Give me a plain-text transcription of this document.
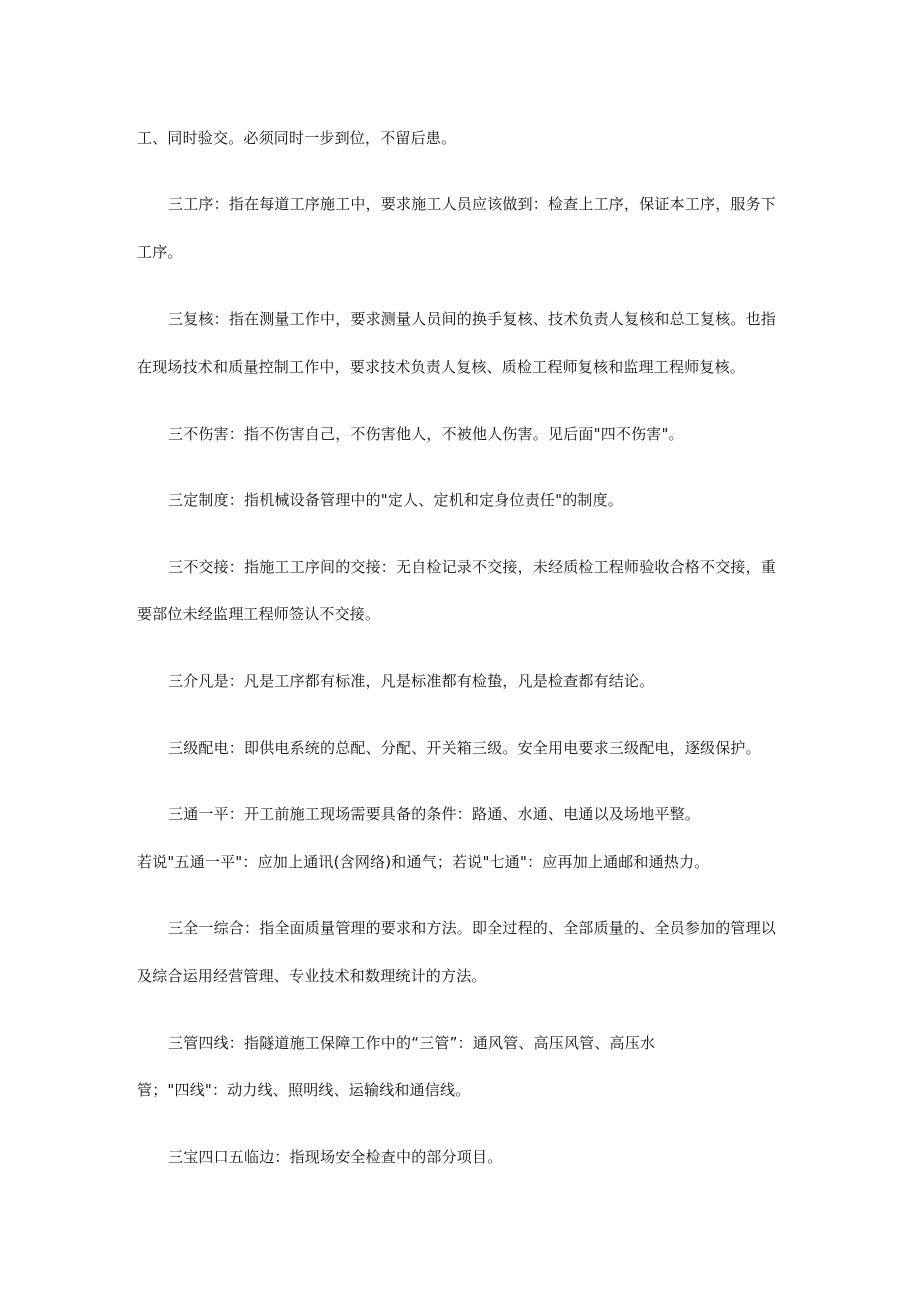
工、同时验交。必须同时一步到位，不留后患。
三工序：指在每道工序施工中，要求施工人员应该做到：检查上工序，保证本工序，服务下
工序。
三复核：指在测量工作中，要求测量人员间的换手复核、技术负责人复核和总工复核。也指
在现场技术和质量控制工作中，要求技术负责人复核、质检工程师复核和监理工程师复核。
三不伤害：指不伤害自己，不伤害他人，不被他人伤害。见后面"四不伤害"。
三定制度：指机械设备管理中的"定人、定机和定身位责任"的制度。
三不交接：指施工工序间的交接：无自检记录不交接，未经质检工程师验收合格不交接，重
要部位未经监理工程师签认不交接。
三介凡是：凡是工序都有标准，凡是标准都有检蛰，凡是检查都有结论。
三级配电：即供电系统的总配、分配、开关箱三级。安全用电要求三级配电，逐级保护。
三通一平：开工前施工现场需要具备的条件：路通、水通、电通以及场地平整。
若说"五通一平"：应加上通讯(含网络)和通气；若说"七通"：应再加上通邮和通热力。
三全一综合：指全面质量管理的要求和方法。即全过程的、全部质量的、全员参加的管理以
及综合运用经营管理、专业技术和数理统计的方法。
三管四线：指隧道施工保障工作中的“三管”：通风管、高压风管、高压水
管；"四线"：动力线、照明线、运输线和通信线。
三宝四口五临边：指现场安全检查中的部分项目。
